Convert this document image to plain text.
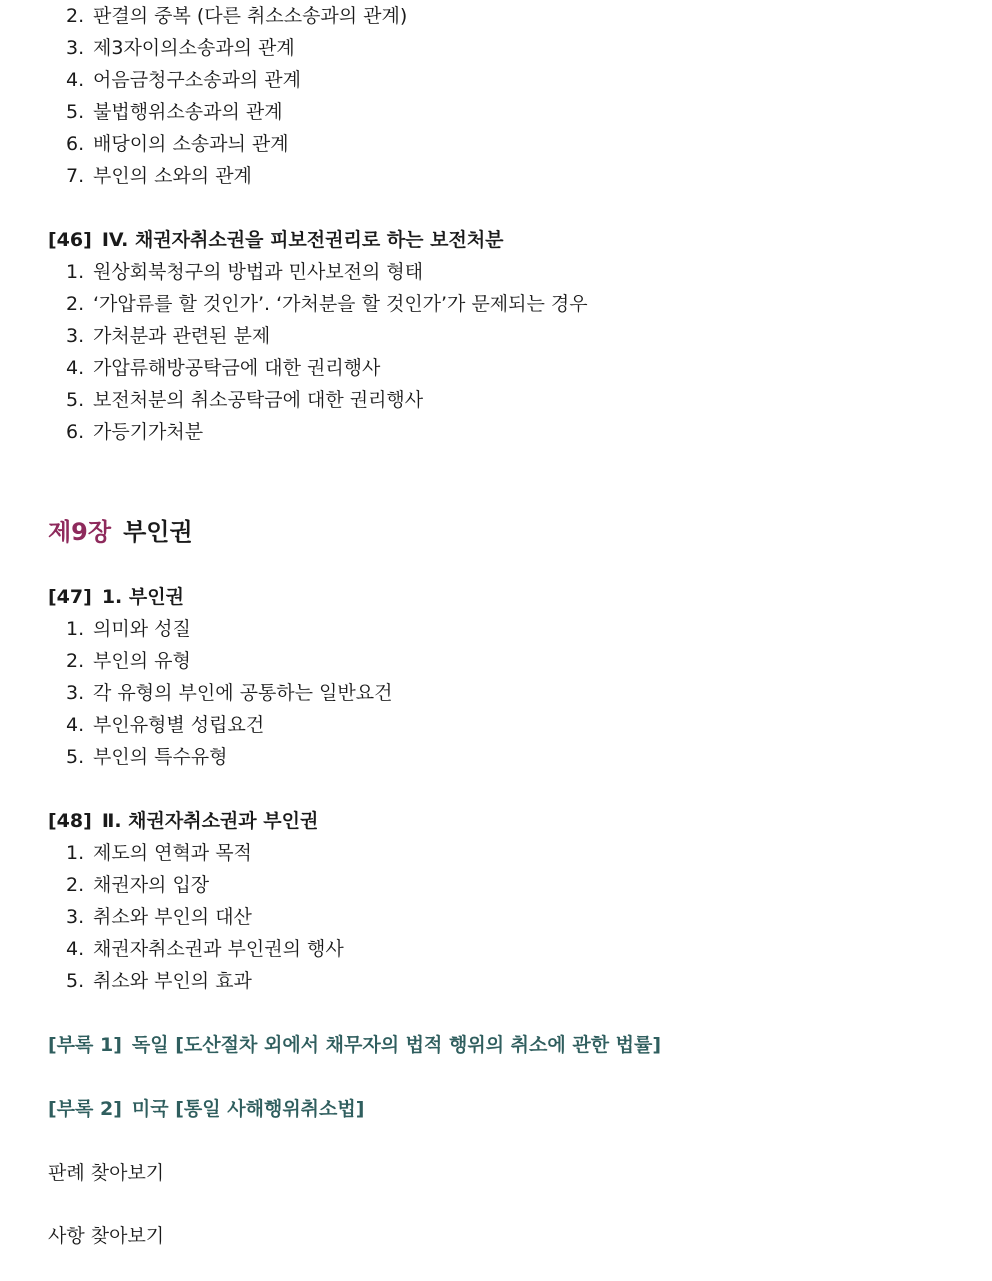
2. 판결의 중복 (다른 취소소송과의 관계)
3. 제3자이의소송과의 관계
4. 어음금청구소송과의 관계
5. 불법행위소송과의 관계
6. 배당이의 소송과늬 관계
7. 부인의 소와의 관계
[46] IV. 채권자취소권을 피보전권리로 하는 보전처분
1. 원상회북청구의 방법과 민사보전의 형태
2. ‘가압류를 할 것인가’. ‘가처분을 할 것인가’가 문제되는 경우
3. 가처분과 관련된 분제
4. 가압류해방공탁금에 대한 권리행사
5. 보전처분의 취소공탁금에 대한 권리행사
6. 가등기가처분
제9장 부인권
[47] 1. 부인권
1. 의미와 성질
2. 부인의 유형
3. 각 유형의 부인에 공통하는 일반요건
4. 부인유형별 성립요건
5. 부인의 특수유형
[48] Ⅱ. 채권자취소권과 부인권
1. 제도의 연혁과 목적
2. 채권자의 입장
3. 취소와 부인의 대산
4. 채권자취소권과 부인권의 행사
5. 취소와 부인의 효과
[부록 1] 독일 [도산절차 외에서 채무자의 법적 행위의 취소에 관한 법률]
[부록 2] 미국 [통일 사해행위취소법]
판례 찾아보기
사항 찾아보기
